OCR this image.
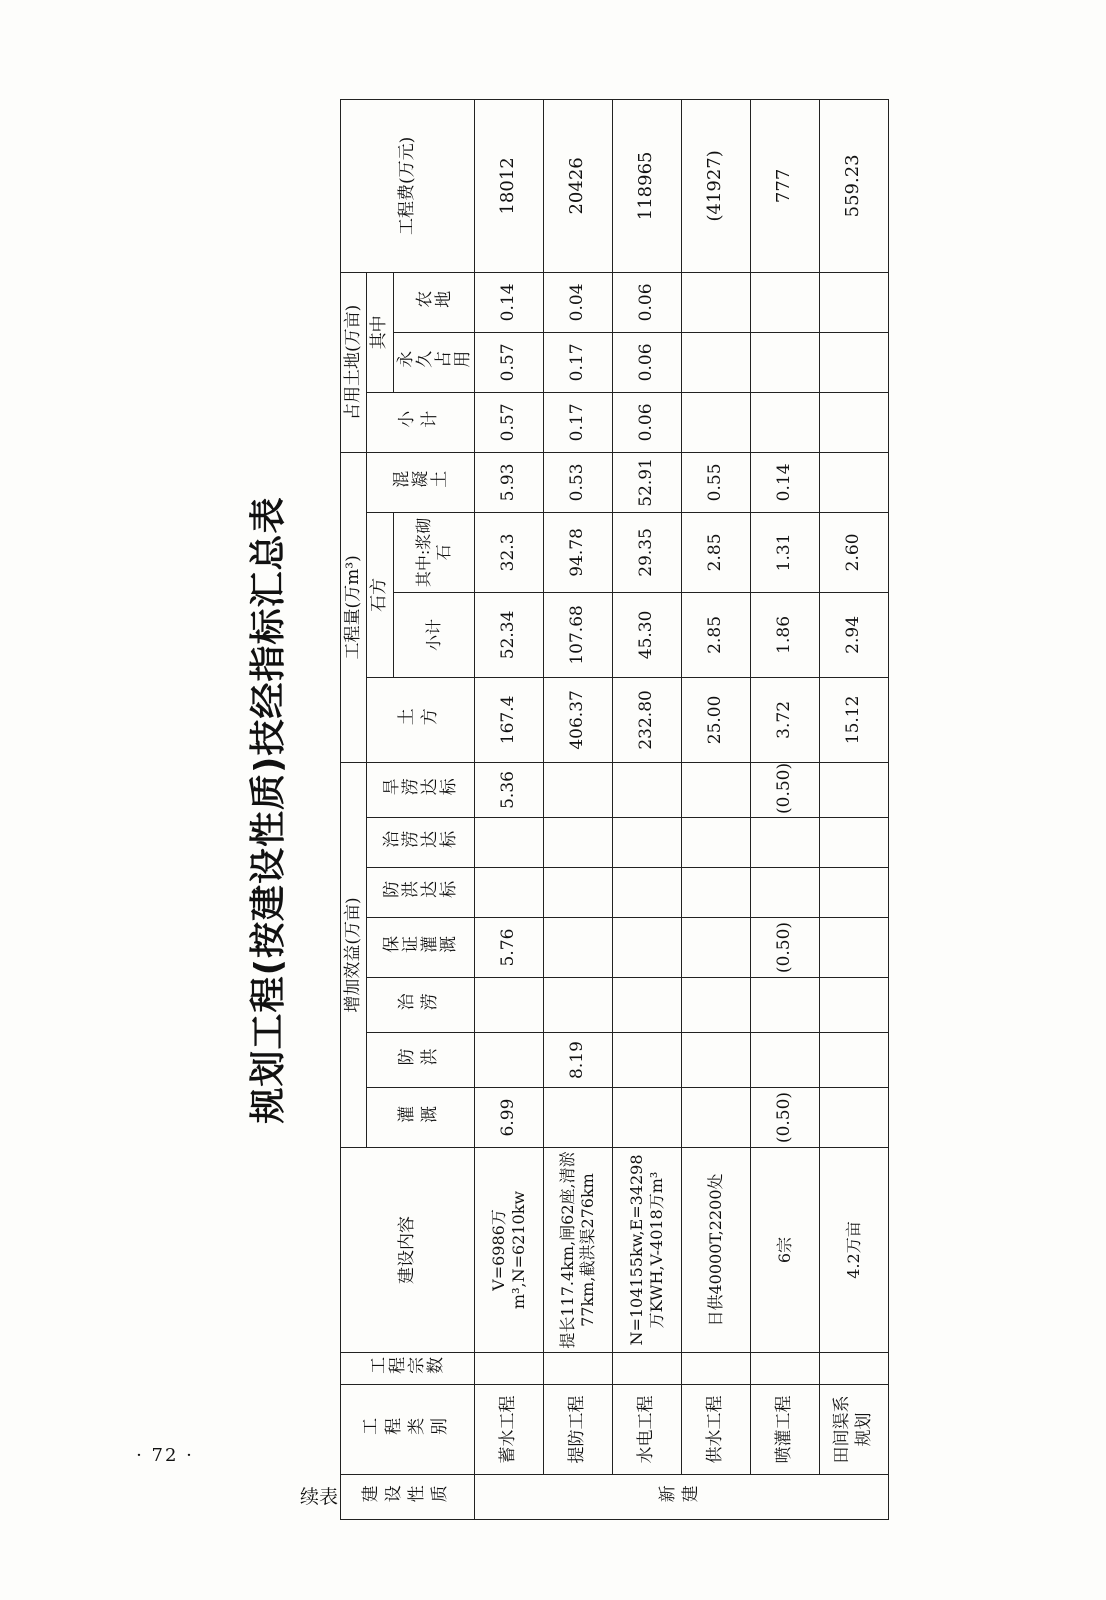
· 72 ·
续表
规划工程(按建设性质)技经指标汇总表
建设性质	工程类别	工程宗数	建设内容	增加效益(万亩)							工程量(万m³)				占用土地(万亩)			工程费(万元)
				灌溉	防洪	治涝	保证灌溉	防洪达标	治涝达标	旱涝达标	土方	石方		混凝土	小计	其中		
												小计	其中:浆砌石			永久占用	农地	
新建	蓄水工程		V=6986万m³,N=6210kw	6.99			5.76			5.36	167.4	52.34	32.3	5.93	0.57	0.57	0.14	18012
	提防工程		提长117.4km,闸62座,清淤77km,截洪渠276km		8.19						406.37	107.68	94.78	0.53	0.17	0.17	0.04	20426
	水电工程		N=104155kw,E=34298万KWH,V-4018万m³								232.80	45.30	29.35	52.91	0.06	0.06	0.06	118965
	供水工程		日供40000T,2200处								25.00	2.85	2.85	0.55				(41927)
	喷灌工程		6宗	(0.50)			(0.50)			(0.50)	3.72	1.86	1.31	0.14				777
	田间渠系规划		4.2万亩								15.12	2.94	2.60					559.23
